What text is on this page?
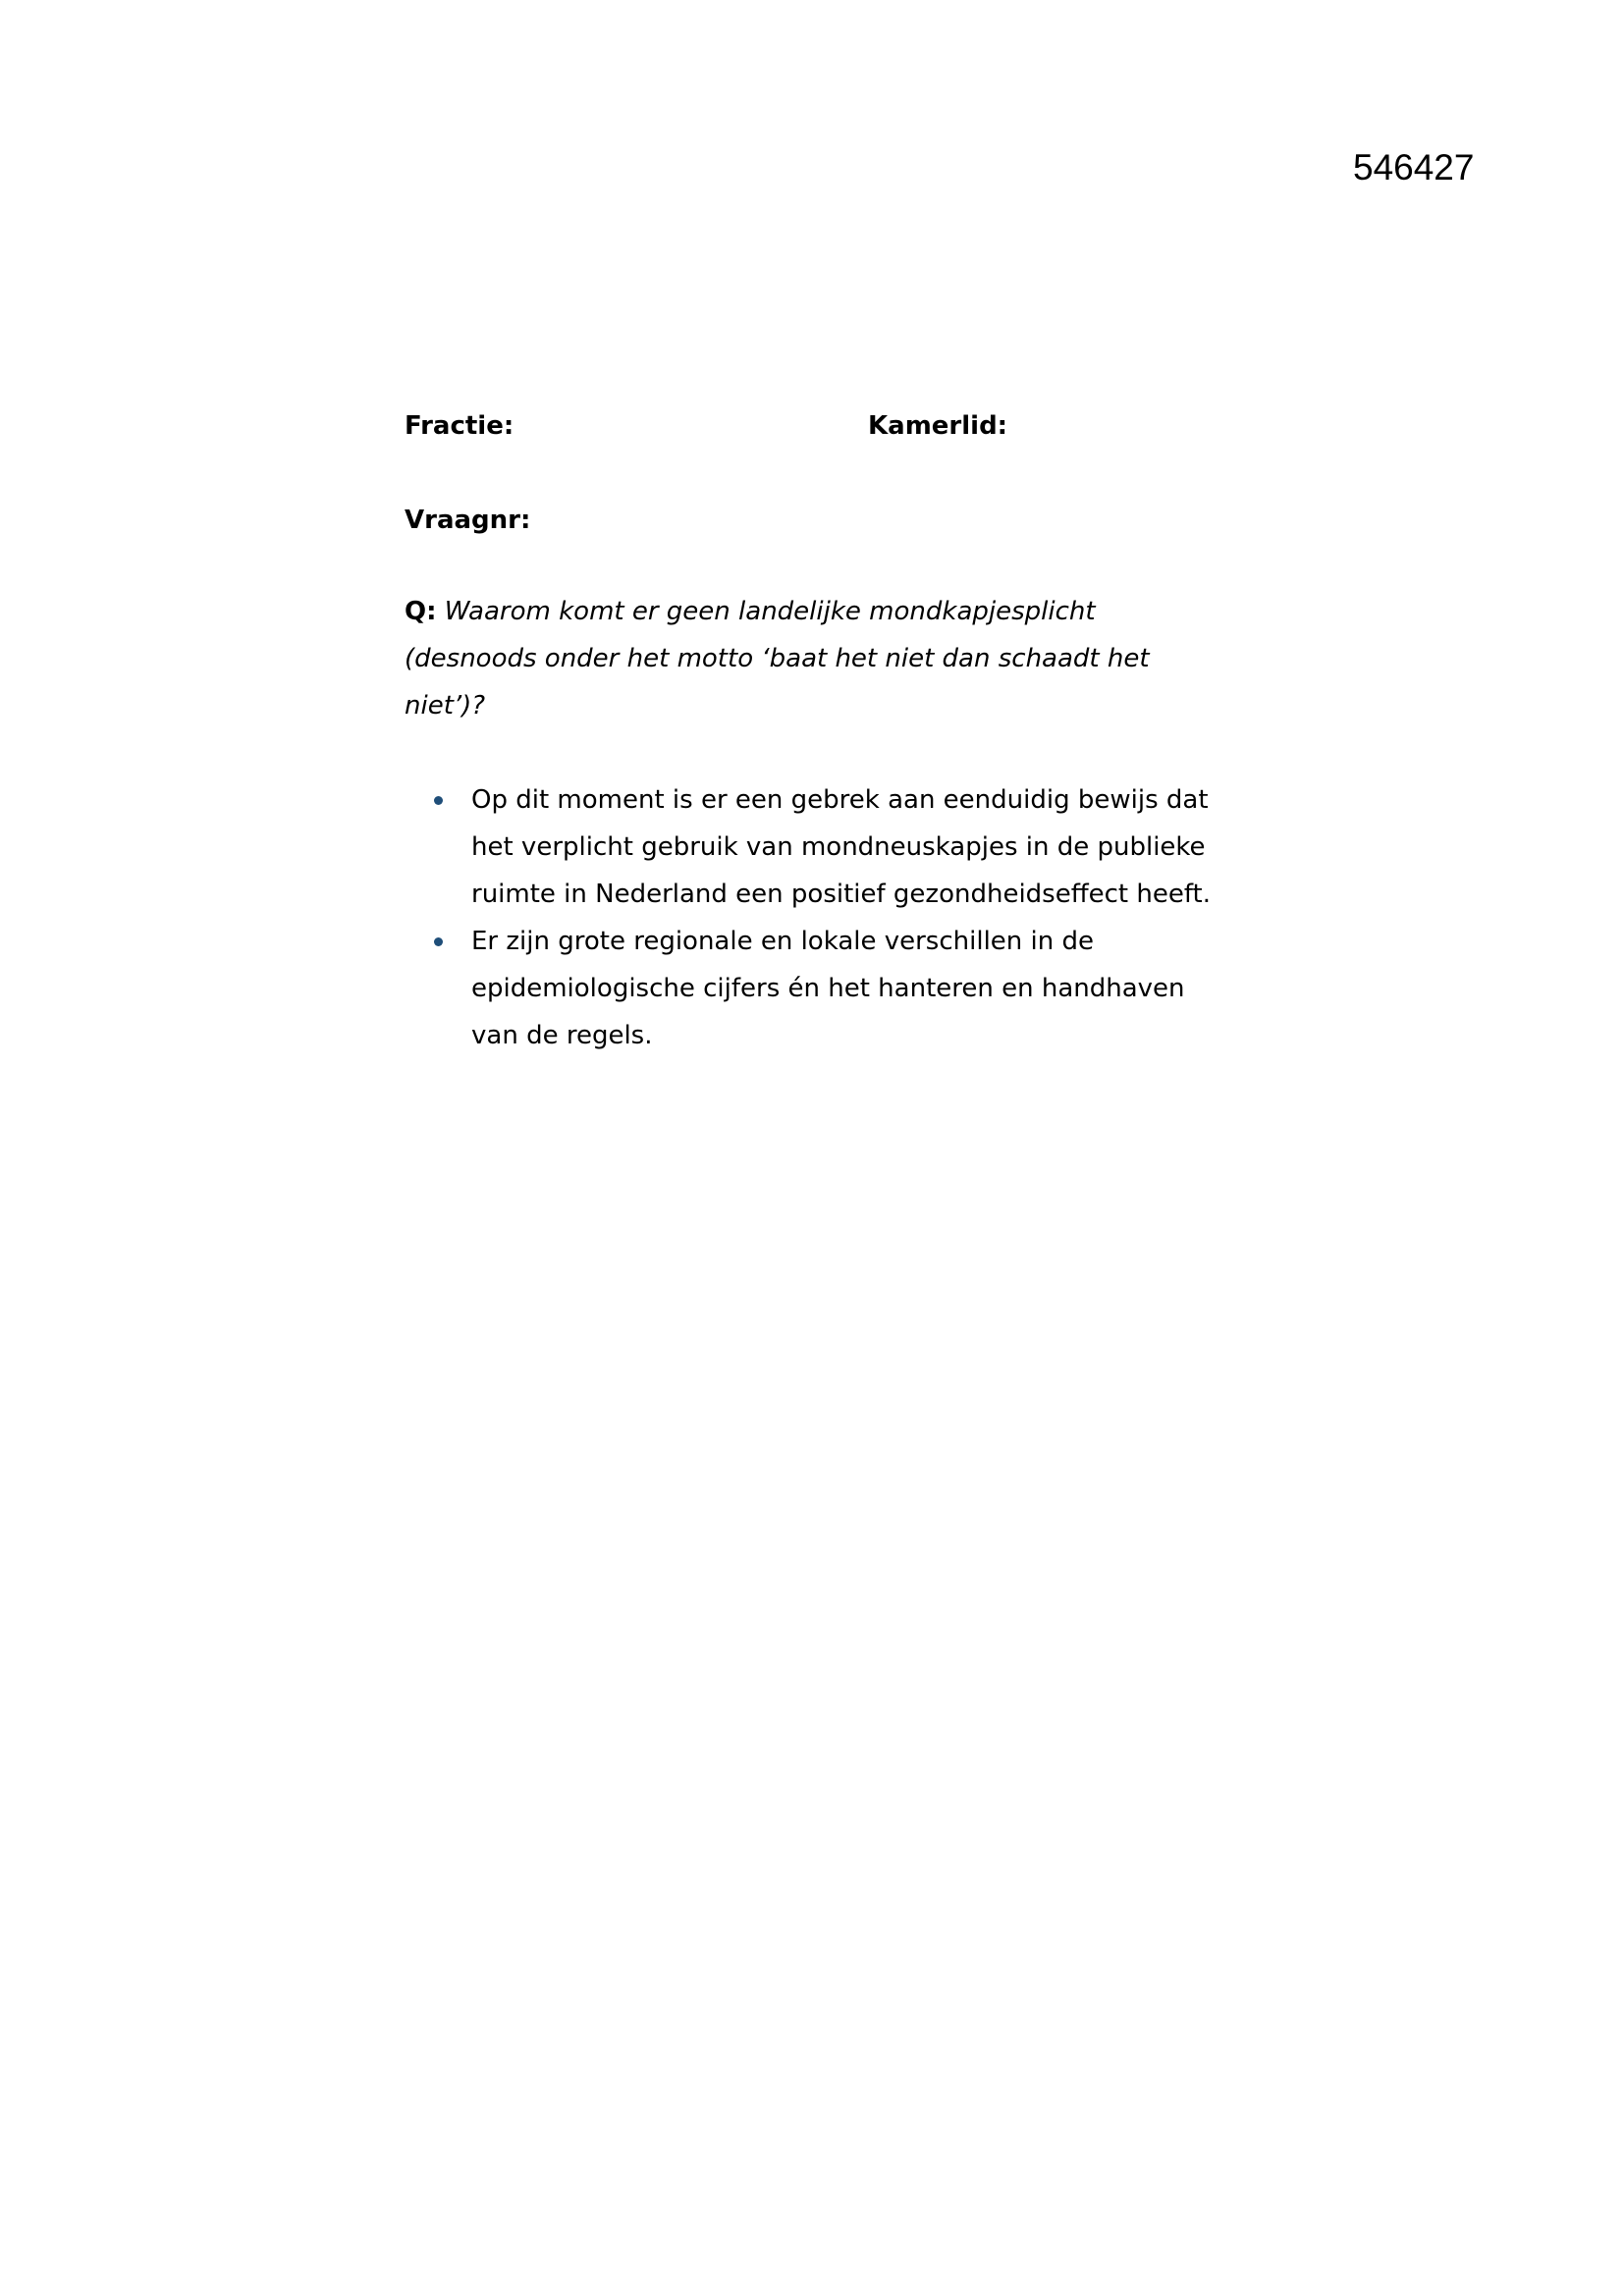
546427
Fractie:	Kamerlid:
Vraagnr:
Q: Waarom komt er geen landelijke mondkapjesplicht
(desnoods onder het motto ‘baat het niet dan schaadt het
niet’)?
Op dit moment is er een gebrek aan eenduidig bewijs dat
het verplicht gebruik van mondneuskapjes in de publieke
ruimte in Nederland een positief gezondheidseffect heeft.
Er zijn grote regionale en lokale verschillen in de
epidemiologische cijfers én het hanteren en handhaven
van de regels.
